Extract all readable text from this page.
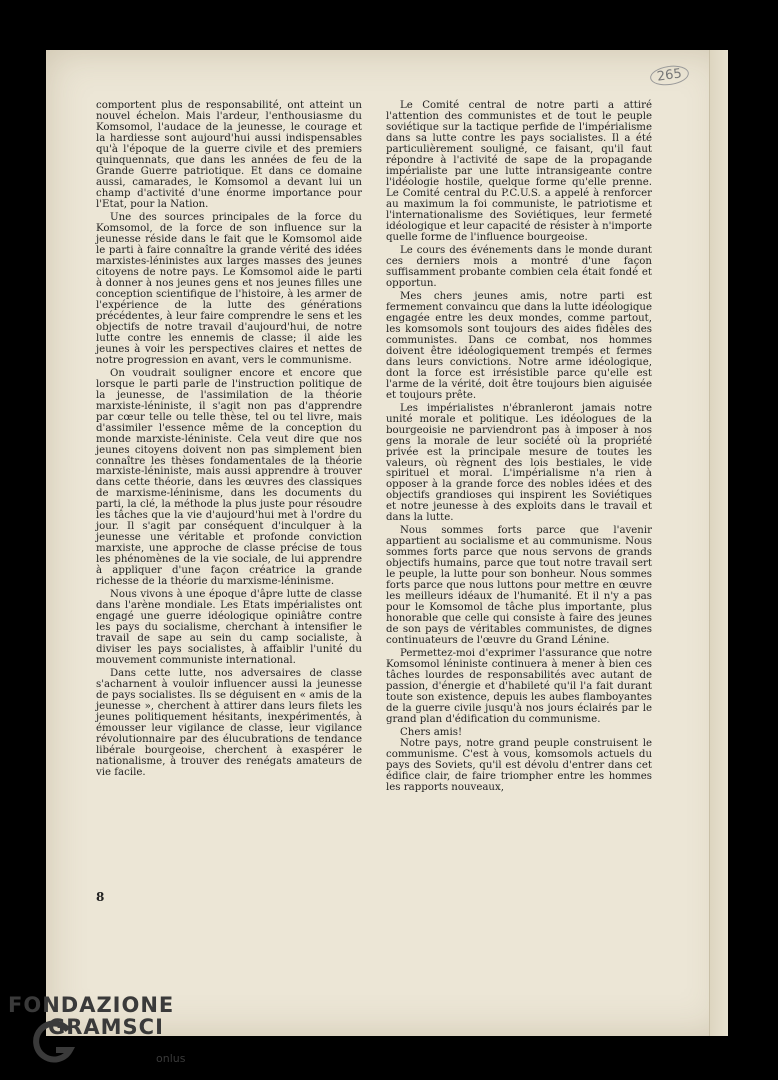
265

comportent plus de responsabilité, ont atteint un nouvel échelon. Mais l'ardeur, l'enthousiasme du Komsomol, l'audace de la jeunesse, le courage et la hardiesse sont aujourd'hui aussi indispensables qu'à l'époque de la guerre civile et des premiers quinquennats, que dans les années de feu de la Grande Guerre patriotique. Et dans ce domaine aussi, camarades, le Komsomol a devant lui un champ d'activité d'une énorme importance pour l'Etat, pour la Nation.

Une des sources principales de la force du Komsomol, de la force de son influence sur la jeunesse réside dans le fait que le Komsomol aide le parti à faire connaître la grande vérité des idées marxistes-léninistes aux larges masses des jeunes citoyens de notre pays. Le Komsomol aide le parti à donner à nos jeunes gens et nos jeunes filles une conception scientifique de l'histoire, à les armer de l'expérience de la lutte des générations précédentes, à leur faire comprendre le sens et les objectifs de notre travail d'aujourd'hui, de notre lutte contre les ennemis de classe; il aide les jeunes à voir les perspectives claires et nettes de notre progression en avant, vers le communisme.

On voudrait souligner encore et encore que lorsque le parti parle de l'instruction politique de la jeunesse, de l'assimilation de la théorie marxiste-léniniste, il s'agit non pas d'apprendre par cœur telle ou telle thèse, tel ou tel livre, mais d'assimiler l'essence même de la conception du monde marxiste-léniniste. Cela veut dire que nos jeunes citoyens doivent non pas simplement bien connaître les thèses fondamentales de la théorie marxiste-léniniste, mais aussi apprendre à trouver dans cette théorie, dans les œuvres des classiques de marxisme-léninisme, dans les documents du parti, la clé, la méthode la plus juste pour résoudre les tâches que la vie d'aujourd'hui met à l'ordre du jour. Il s'agit par conséquent d'inculquer à la jeunesse une véritable et profonde conviction marxiste, une approche de classe précise de tous les phénomènes de la vie sociale, de lui apprendre à appliquer d'une façon créatrice la grande richesse de la théorie du marxisme-léninisme.

Nous vivons à une époque d'âpre lutte de classe dans l'arène mondiale. Les Etats impérialistes ont engagé une guerre idéologique opiniâtre contre les pays du socialisme, cherchant à intensifier le travail de sape au sein du camp socialiste, à diviser les pays socialistes, à affaiblir l'unité du mouvement communiste international.

Dans cette lutte, nos adversaires de classe s'acharnent à vouloir influencer aussi la jeunesse de pays socialistes. Ils se déguisent en « amis de la jeunesse », cherchent à attirer dans leurs filets les jeunes politiquement hésitants, inexpérimentés, à émousser leur vigilance de classe, leur vigilance révolutionnaire par des élucubrations de tendance libérale bourgeoise, cherchent à exaspérer le nationalisme, à trouver des renégats amateurs de vie facile.

Le Comité central de notre parti a attiré l'attention des communistes et de tout le peuple soviétique sur la tactique perfide de l'impérialisme dans sa lutte contre les pays socialistes. Il a été particulièrement souligné, ce faisant, qu'il faut répondre à l'activité de sape de la propagande impérialiste par une lutte intransigeante contre l'idéologie hostile, quelque forme qu'elle prenne. Le Comité central du P.C.U.S. a appelé à renforcer au maximum la foi communiste, le patriotisme et l'internationalisme des Soviétiques, leur fermeté idéologique et leur capacité de résister à n'importe quelle forme de l'influence bourgeoise.

Le cours des événements dans le monde durant ces derniers mois a montré d'une façon suffisamment probante combien cela était fondé et opportun.

Mes chers jeunes amis, notre parti est fermement convaincu que dans la lutte idéologique engagée entre les deux mondes, comme partout, les komsomols sont toujours des aides fidèles des communistes. Dans ce combat, nos hommes doivent être idéologiquement trempés et fermes dans leurs convictions. Notre arme idéologique, dont la force est irrésistible parce qu'elle est l'arme de la vérité, doit être toujours bien aiguisée et toujours prête.

Les impérialistes n'ébranleront jamais notre unité morale et politique. Les idéologues de la bourgeoisie ne parviendront pas à imposer à nos gens la morale de leur société où la propriété privée est la principale mesure de toutes les valeurs, où règnent des lois bestiales, le vide spirituel et moral. L'impérialisme n'a rien à opposer à la grande force des nobles idées et des objectifs grandioses qui inspirent les Soviétiques et notre jeunesse à des exploits dans le travail et dans la lutte.

Nous sommes forts parce que l'avenir appartient au socialisme et au communisme. Nous sommes forts parce que nous servons de grands objectifs humains, parce que tout notre travail sert le peuple, la lutte pour son bonheur. Nous sommes forts parce que nous luttons pour mettre en œuvre les meilleurs idéaux de l'humanité. Et il n'y a pas pour le Komsomol de tâche plus importante, plus honorable que celle qui consiste à faire des jeunes de son pays de véritables communistes, de dignes continuateurs de l'œuvre du Grand Lénine.

Permettez-moi d'exprimer l'assurance que notre Komsomol léniniste continuera à mener à bien ces tâches lourdes de responsabilités avec autant de passion, d'énergie et d'habileté qu'il l'a fait durant toute son existence, depuis les aubes flamboyantes de la guerre civile jusqu'à nos jours éclairés par le grand plan d'édification du communisme.

Chers amis!

Notre pays, notre grand peuple construisent le communisme. C'est à vous, komsomols actuels du pays des Soviets, qu'il est dévolu d'entrer dans cet édifice clair, de faire triompher entre les hommes les rapports nouveaux,

8
FONDAZIONE
GRAMSCI
onlus
